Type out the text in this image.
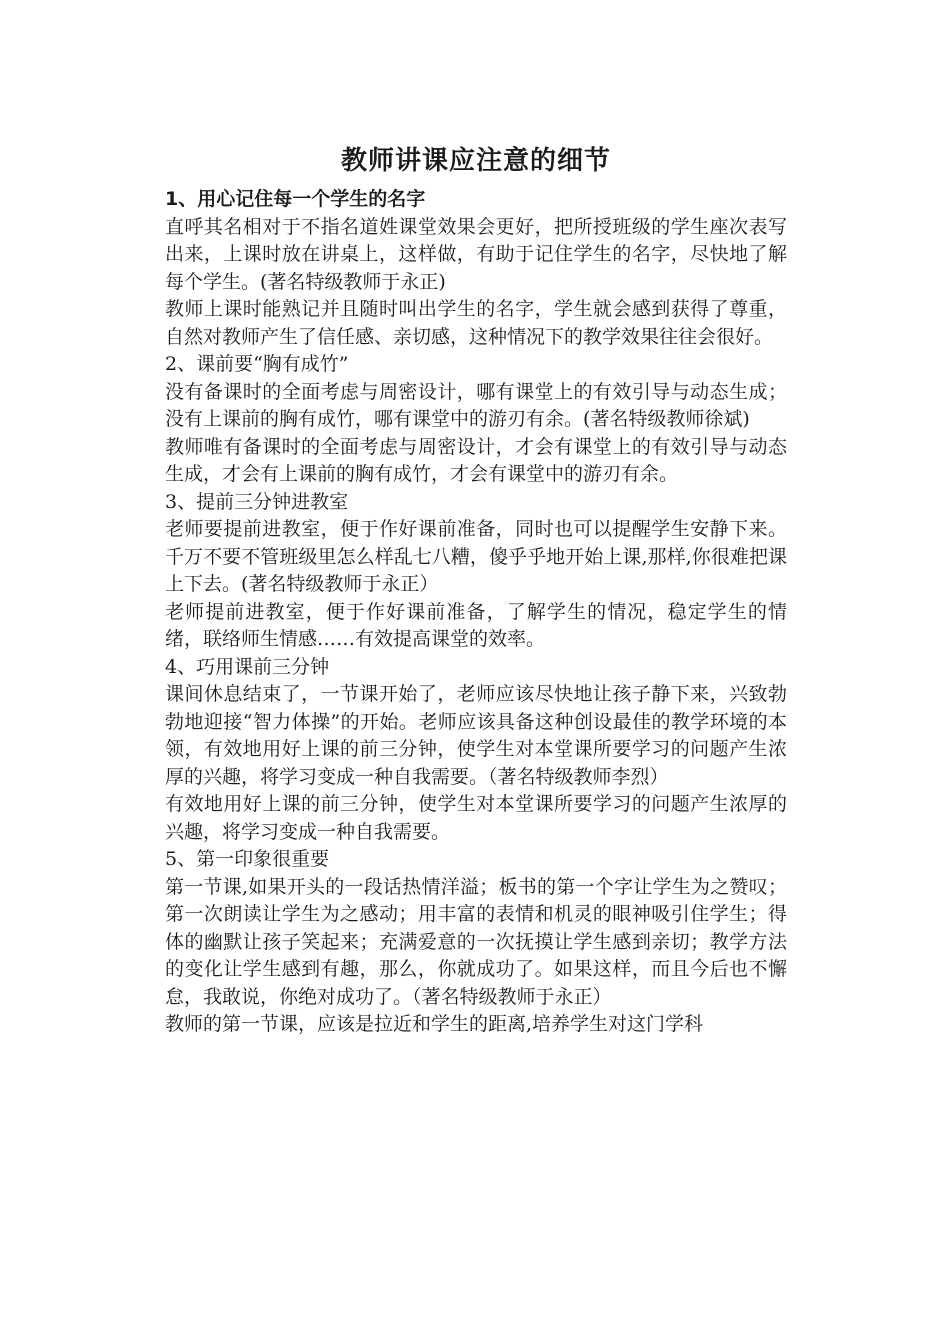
教师讲课应注意的细节

1、用心记住每一个学生的名字

直呼其名相对于不指名道姓课堂效果会更好，把所授班级的学生座次表写出来，上课时放在讲桌上，这样做，有助于记住学生的名字，尽快地了解每个学生。(著名特级教师于永正)

教师上课时能熟记并且随时叫出学生的名字，学生就会感到获得了尊重，自然对教师产生了信任感、亲切感，这种情况下的教学效果往往会很好。

2、课前要“胸有成竹”

没有备课时的全面考虑与周密设计，哪有课堂上的有效引导与动态生成；没有上课前的胸有成竹，哪有课堂中的游刃有余。(著名特级教师徐斌)

教师唯有备课时的全面考虑与周密设计，才会有课堂上的有效引导与动态生成，才会有上课前的胸有成竹，才会有课堂中的游刃有余。

3、提前三分钟进教室

老师要提前进教室，便于作好课前准备，同时也可以提醒学生安静下来。千万不要不管班级里怎么样乱七八糟，傻乎乎地开始上课,那样,你很难把课上下去。(著名特级教师于永正）

老师提前进教室，便于作好课前准备，了解学生的情况，稳定学生的情绪，联络师生情感……有效提高课堂的效率。

4、巧用课前三分钟

课间休息结束了，一节课开始了，老师应该尽快地让孩子静下来，兴致勃勃地迎接“智力体操”的开始。老师应该具备这种创设最佳的教学环境的本领，有效地用好上课的前三分钟，使学生对本堂课所要学习的问题产生浓厚的兴趣，将学习变成一种自我需要。（著名特级教师李烈）

有效地用好上课的前三分钟，使学生对本堂课所要学习的问题产生浓厚的兴趣，将学习变成一种自我需要。

5、第一印象很重要

第一节课,如果开头的一段话热情洋溢；板书的第一个字让学生为之赞叹；第一次朗读让学生为之感动；用丰富的表情和机灵的眼神吸引住学生；得体的幽默让孩子笑起来；充满爱意的一次抚摸让学生感到亲切；教学方法的变化让学生感到有趣，那么，你就成功了。如果这样，而且今后也不懈怠，我敢说，你绝对成功了。（著名特级教师于永正）

教师的第一节课，应该是拉近和学生的距离,培养学生对这门学科
